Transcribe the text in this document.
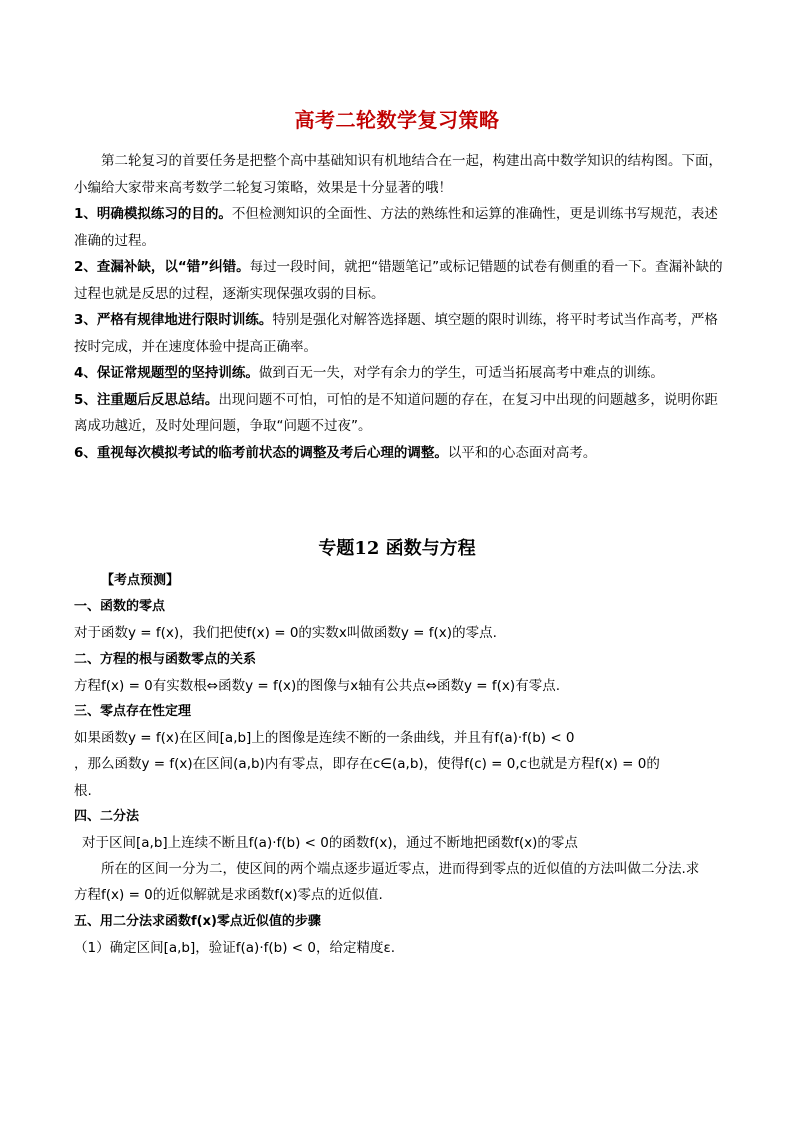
高考二轮数学复习策略
第二轮复习的首要任务是把整个高中基础知识有机地结合在一起，构建出高中数学知识的结构图。下面，小编给大家带来高考数学二轮复习策略，效果是十分显著的哦！

1、明确模拟练习的目的。不但检测知识的全面性、方法的熟练性和运算的准确性，更是训练书写规范，表述准确的过程。

2、查漏补缺，以“错”纠错。每过一段时间，就把“错题笔记”或标记错题的试卷有侧重的看一下。查漏补缺的过程也就是反思的过程，逐渐实现保强攻弱的目标。

3、严格有规律地进行限时训练。特别是强化对解答选择题、填空题的限时训练，将平时考试当作高考，严格按时完成，并在速度体验中提高正确率。

4、保证常规题型的坚持训练。做到百无一失，对学有余力的学生，可适当拓展高考中难点的训练。

5、注重题后反思总结。出现问题不可怕，可怕的是不知道问题的存在，在复习中出现的问题越多，说明你距离成功越近，及时处理问题，争取“问题不过夜”。

6、重视每次模拟考试的临考前状态的调整及考后心理的调整。以平和的心态面对高考。

专题12 函数与方程

【考点预测】

一、函数的零点

对于函数y = f(x)，我们把使f(x) = 0的实数x叫做函数y = f(x)的零点.

二、方程的根与函数零点的关系

方程f(x) = 0有实数根⇔函数y = f(x)的图像与x轴有公共点⇔函数y = f(x)有零点.

三、零点存在性定理

如果函数y = f(x)在区间[a,b]上的图像是连续不断的一条曲线，并且有f(a)·f(b) < 0

，那么函数y = f(x)在区间(a,b)内有零点，即存在c∈(a,b)，使得f(c) = 0,c也就是方程f(x) = 0的

根.

四、二分法

对于区间[a,b]上连续不断且f(a)·f(b) < 0的函数f(x)，通过不断地把函数f(x)的零点

所在的区间一分为二，使区间的两个端点逐步逼近零点，进而得到零点的近似值的方法叫做二分法.求

方程f(x) = 0的近似解就是求函数f(x)零点的近似值.

五、用二分法求函数f(x)零点近似值的步骤

（1）确定区间[a,b]，验证f(a)·f(b) < 0，给定精度ε.
